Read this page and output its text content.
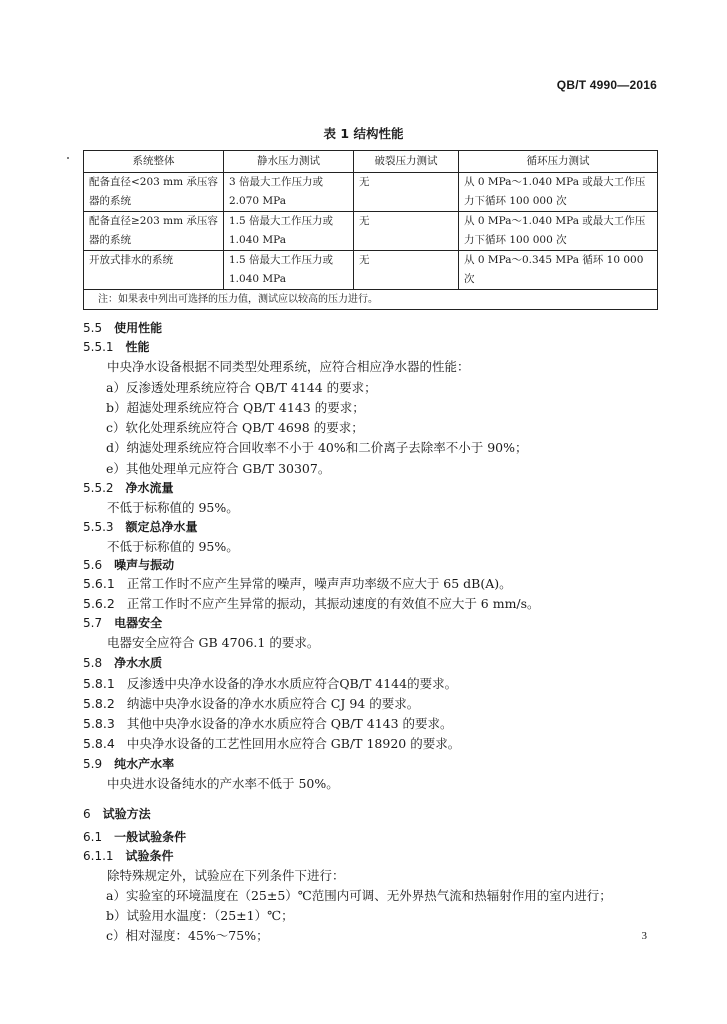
QB/T 4990—2016
表 1 结构性能
系统整体	静水压力测试	破裂压力测试	循环压力测试
配备直径<203 mm 承压容器的系统	3 倍最大工作压力或2.070 MPa	无	从 0 MPa～1.040 MPa 或最大工作压力下循环 100 000 次
配备直径≥203 mm 承压容器的系统	1.5 倍最大工作压力或1.040 MPa	无	从 0 MPa～1.040 MPa 或最大工作压力下循环 100 000 次
开放式排水的系统	1.5 倍最大工作压力或1.040 MPa	无	从 0 MPa～0.345 MPa 循环 10 000 次
注：如果表中列出可选择的压力值，测试应以较高的压力进行。			
5.5 使用性能
5.5.1 性能
中央净水设备根据不同类型处理系统，应符合相应净水器的性能：
a）反渗透处理系统应符合 QB/T 4144 的要求；
b）超滤处理系统应符合 QB/T 4143 的要求；
c）软化处理系统应符合 QB/T 4698 的要求；
d）纳滤处理系统应符合回收率不小于 40%和二价离子去除率不小于 90%；
e）其他处理单元应符合 GB/T 30307。
5.5.2 净水流量
不低于标称值的 95%。
5.5.3 额定总净水量
不低于标称值的 95%。
5.6 噪声与振动
5.6.1 正常工作时不应产生异常的噪声，噪声声功率级不应大于 65 dB(A)。
5.6.2 正常工作时不应产生异常的振动，其振动速度的有效值不应大于 6 mm/s。
5.7 电器安全
电器安全应符合 GB 4706.1 的要求。
5.8 净水水质
5.8.1 反渗透中央净水设备的净水水质应符合QB/T 4144的要求。
5.8.2 纳滤中央净水设备的净水水质应符合 CJ 94 的要求。
5.8.3 其他中央净水设备的净水水质应符合 QB/T 4143 的要求。
5.8.4 中央净水设备的工艺性回用水应符合 GB/T 18920 的要求。
5.9 纯水产水率
中央进水设备纯水的产水率不低于 50%。
6 试验方法
6.1 一般试验条件
6.1.1 试验条件
除特殊规定外，试验应在下列条件下进行：
a）实验室的环境温度在（25±5）℃范围内可调、无外界热气流和热辐射作用的室内进行；
b）试验用水温度：（25±1）℃；
c）相对湿度：45%～75%；	3
